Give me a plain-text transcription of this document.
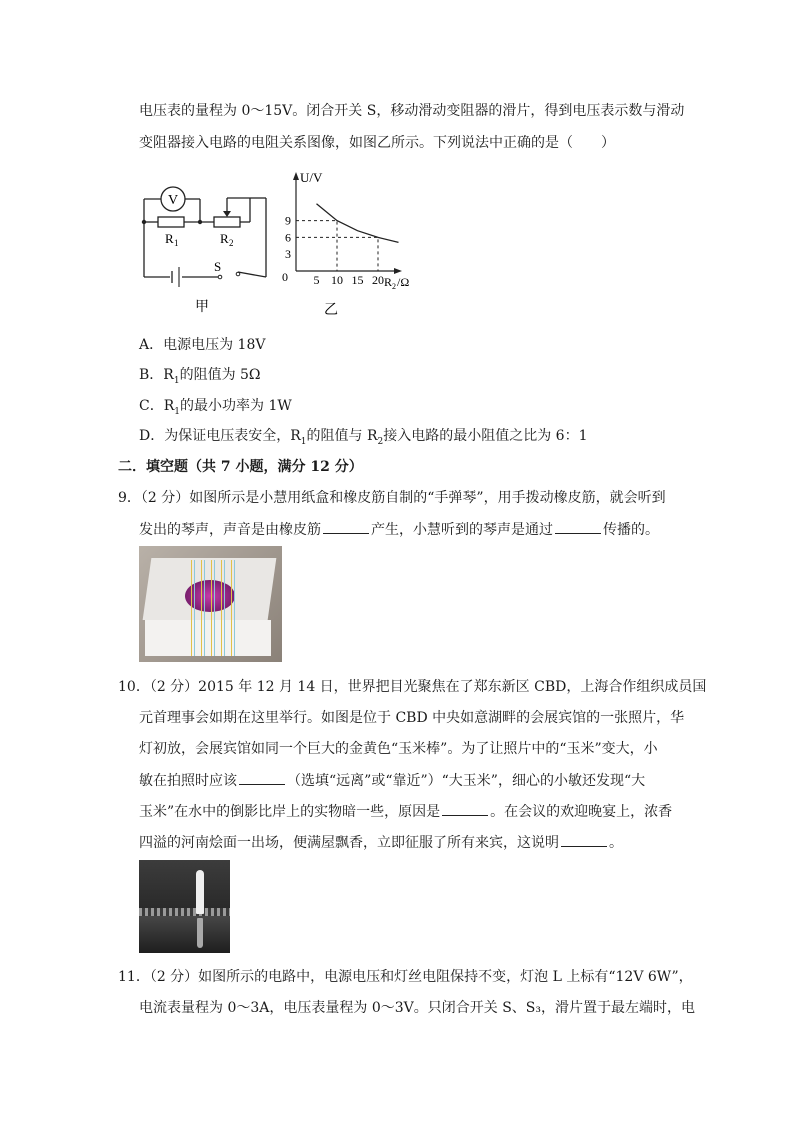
电压表的量程为 0～15V。闭合开关 S，移动滑动变阻器的滑片，得到电压表示数与滑动
变阻器接入电路的电阻关系图像，如图乙所示。下列说法中正确的是（　　）
V
R 1	R 2
S
甲
U/V
R 2 /Ω
0 5 10 15 20
3
6
9
乙
A．电源电压为 18V
B．$R_1$的阻值为 5Ω
C．$R_1$的最小功率为 1W
D．为保证电压表安全，$R_1$的阻值与 $R_2$接入电路的最小阻值之比为 6：1
二．填空题（共 7 小题，满分 12 分）
9．（2 分）如图所示是小慧用纸盒和橡皮筋自制的“手弹琴”，用手拨动橡皮筋，就会听到
发出的琴声，声音是由橡皮筋	产生，小慧听到的琴声是通过	传播的。
10．（2 分）2015 年 12 月 14 日，世界把目光聚焦在了郑东新区 CBD，上海合作组织成员国
元首理事会如期在这里举行。如图是位于 CBD 中央如意湖畔的会展宾馆的一张照片，华
灯初放，会展宾馆如同一个巨大的金黄色“玉米棒”。为了让照片中的“玉米”变大，小
敏在拍照时应该	（选填“远离”或“靠近”）“大玉米”，细心的小敏还发现“大
玉米”在水中的倒影比岸上的实物暗一些，原因是	。在会议的欢迎晚宴上，浓香
四溢的河南烩面一出场，便满屋飘香，立即征服了所有来宾，这说明	。
11．（2 分）如图所示的电路中，电源电压和灯丝电阻保持不变，灯泡 L 上标有“12V 6W”，
电流表量程为 0～3A，电压表量程为 0～3V。只闭合开关 S、S₃，滑片置于最左端时，电
